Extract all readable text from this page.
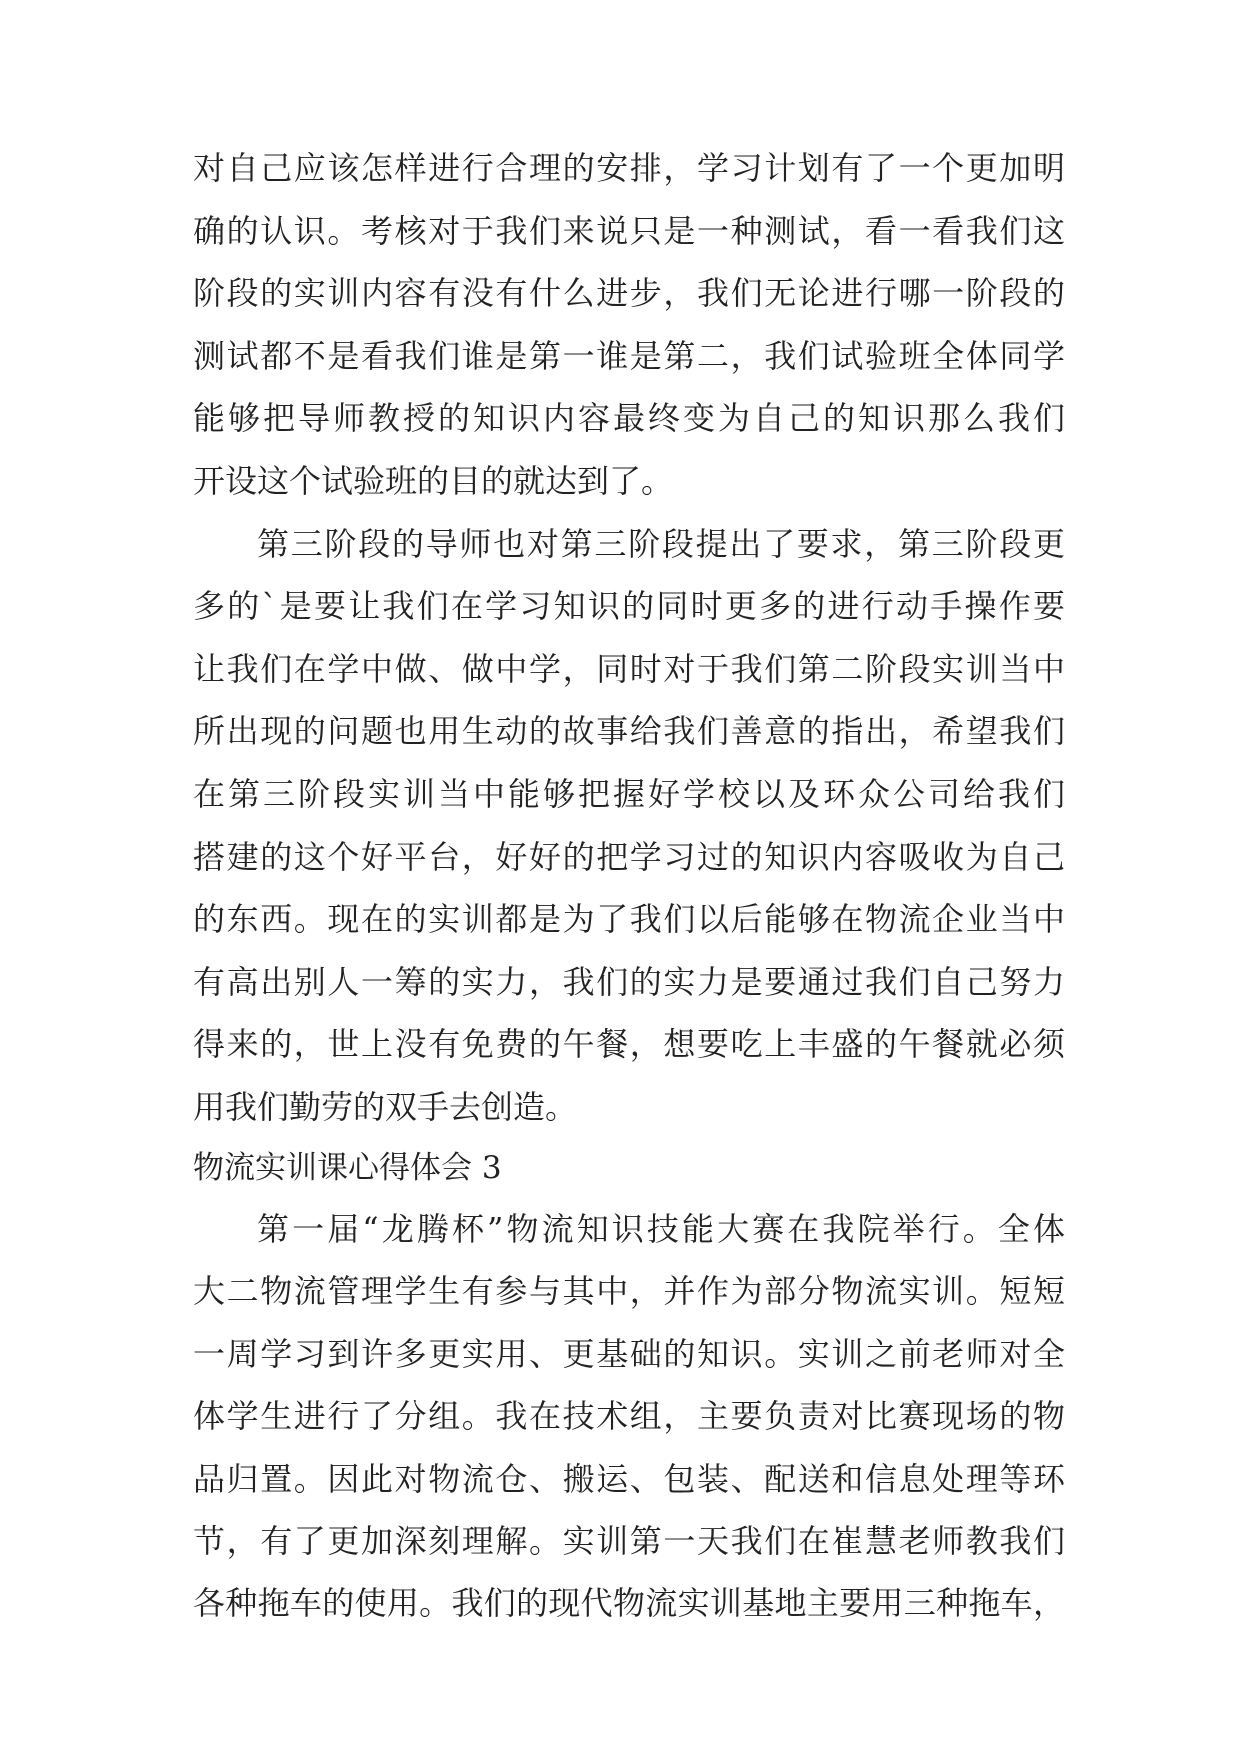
对自己应该怎样进行合理的安排，学习计划有了一个更加明
确的认识。考核对于我们来说只是一种测试，看一看我们这
阶段的实训内容有没有什么进步，我们无论进行哪一阶段的
测试都不是看我们谁是第一谁是第二，我们试验班全体同学
能够把导师教授的知识内容最终变为自己的知识那么我们
开设这个试验班的目的就达到了。
第三阶段的导师也对第三阶段提出了要求，第三阶段更
多的`是要让我们在学习知识的同时更多的进行动手操作要
让我们在学中做、做中学，同时对于我们第二阶段实训当中
所出现的问题也用生动的故事给我们善意的指出，希望我们
在第三阶段实训当中能够把握好学校以及环众公司给我们
搭建的这个好平台，好好的把学习过的知识内容吸收为自己
的东西。现在的实训都是为了我们以后能够在物流企业当中
有高出别人一筹的实力，我们的实力是要通过我们自己努力
得来的，世上没有免费的午餐，想要吃上丰盛的午餐就必须
用我们勤劳的双手去创造。
物流实训课心得体会 3
第一届“龙腾杯”物流知识技能大赛在我院举行。全体
大二物流管理学生有参与其中，并作为部分物流实训。短短
一周学习到许多更实用、更基础的知识。实训之前老师对全
体学生进行了分组。我在技术组，主要负责对比赛现场的物
品归置。因此对物流仓、搬运、包装、配送和信息处理等环
节，有了更加深刻理解。实训第一天我们在崔慧老师教我们
各种拖车的使用。我们的现代物流实训基地主要用三种拖车，
